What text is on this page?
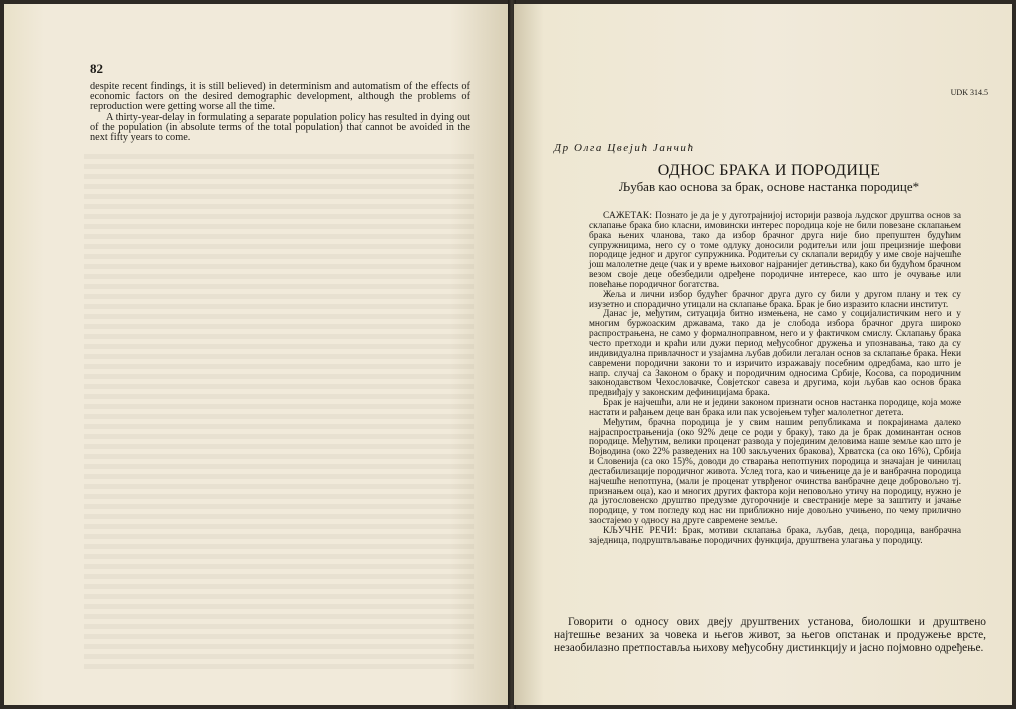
82

despite recent findings, it is still believed) in determinism and automatism of the effects of economic factors on the desired demographic development, although the problems of reproduction were getting worse all the time.

A thirty-year-delay in formulating a separate population policy has resulted in dying out of the population (in absolute terms of the total population) that cannot be avoided in the next fifty years to come.

UDK 314.5
Др Олга Цвејић Јанчић
ОДНОС БРАКА И ПОРОДИЦЕ
Љубав као основа за брак, основе настанка породице*

САЖЕТАК: Познато је да је у дуготрајнијој историји развоја људског друштва основ за склапање брака био класни, имовински интерес породица које не били повезане склапањем брака њених чланова, тако да избор брачног друга није био препуштен будућим супружницима, него су о томе одлуку доносили родитељи или још прецизније шефови породице једног и другог супружника. Родитељи су склапали веридбу у име своје најчешће још малолетне деце (чак и у време њиховог најранијег детињства), како би будућом брачном везом своје деце обезбедили одређене породичне интересе, као што је очување или повећање породичног богатства.

Жеља и лични избор будућег брачног друга дуго су били у другом плану и тек су изузетно и спорадично утицали на склапање брака. Брак је био изразито класни институт.

Данас је, међутим, ситуација битно измењена, не само у социјалистичким него и у многим буржоаским државама, тако да је слобода избора брачног друга широко распрострањена, не само у формалноправном, него и у фактичком смислу. Склапању брака често претходи и краћи или дужи период међусобног дружења и упознавања, тако да су индивидуална привлачност и узајамна љубав добили легалан основ за склапање брака. Неки савремени породични закони то и изричито изражавају посебним одредбама, као што је напр. случај са Законом о браку и породичним односима Србије, Косова, са породичним законодавством Чехословачке, Совјетског савеза и другима, који љубав као основ брака предвиђају у законским дефиницијама брака.

Брак је најчешћи, али не и једини законом признати основ настанка породице, која може настати и рађањем деце ван брака или пак усвојењем туђег малолетног детета.

Међутим, брачна породица је у свим нашим републикама и покрајинама далеко најраспрострањенија (око 92% деце се роди у браку), тако да је брак доминантан основ породице. Међутим, велики проценат развода у појединим деловима наше земље као што је Војводина (око 22% разведених на 100 закључених бракова), Хрватска (са око 16%), Србија и Словенија (са око 15)%, доводи до стварања непотпуних породица и значајан је чинилац дестабилизације породичног живота. Услед тога, као и чињенице да је и ванбрачна породица најчешће непотпуна, (мали је проценат утврђеног очинства ванбрачне деце добровољно тј. признањем оца), као и многих других фактора који неповољно утичу на породицу, нужно је да југословенско друштво предузме дугорочније и свестраније мере за заштиту и јачање породице, у том погледу код нас ни приближно није довољно учињено, по чему прилично заостајемо у односу на друге савремене земље.

КЉУЧНЕ РЕЧИ: Брак, мотиви склапања брака, љубав, деца, породица, ванбрачна заједница, подруштвљавање породичних функција, друштвена улагања у породицу.

Говорити о односу ових двеју друштвених установа, биолошки и друштвено најтешње везаних за човека и његов живот, за његов опстанак и продужење врсте, незаобилазно претпоставља њихову међусобну дистинкцију и јасно појмовно одређење.
